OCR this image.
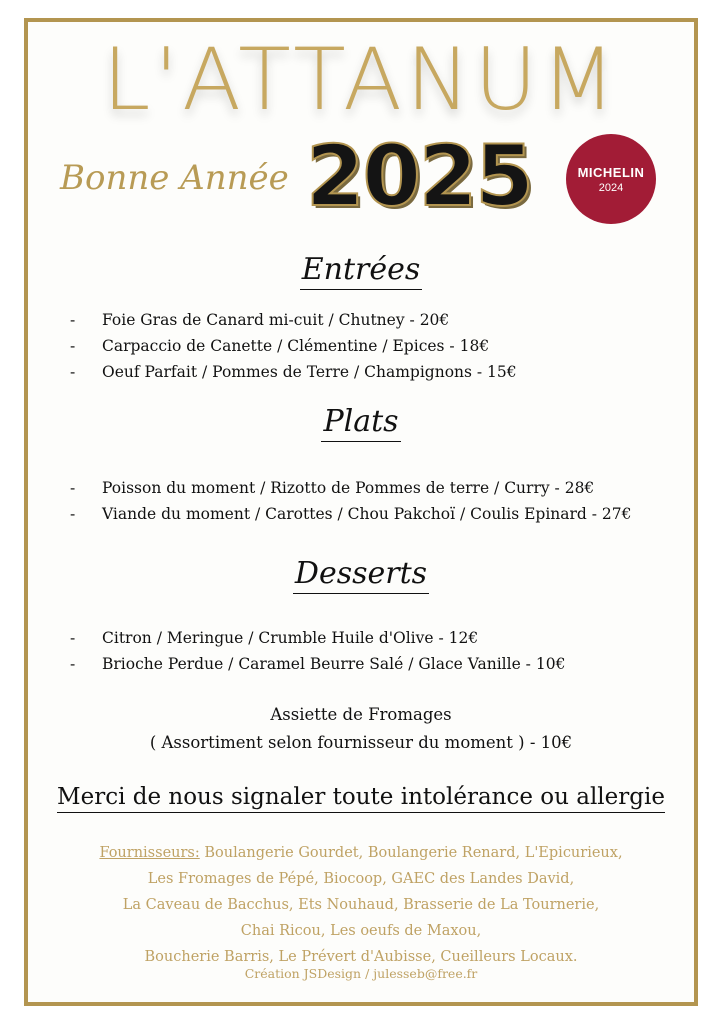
L'ATTANUM
Bonne Année 2025	MICHELIN
2024
Entrées
- Foie Gras de Canard mi-cuit / Chutney - 20€
- Carpaccio de Canette / Clémentine / Epices - 18€
- Oeuf Parfait / Pommes de Terre / Champignons - 15€
Plats
- Poisson du moment / Rizotto de Pommes de terre / Curry - 28€
- Viande du moment / Carottes / Chou Pakchoï / Coulis Epinard - 27€
Desserts
- Citron / Meringue / Crumble Huile d'Olive - 12€
- Brioche Perdue / Caramel Beurre Salé / Glace Vanille - 10€
Assiette de Fromages
( Assortiment selon fournisseur du moment ) - 10€
Merci de nous signaler toute intolérance ou allergie
Fournisseurs: Boulangerie Gourdet, Boulangerie Renard, L'Epicurieux,
Les Fromages de Pépé, Biocoop, GAEC des Landes David,
La Caveau de Bacchus, Ets Nouhaud, Brasserie de La Tournerie,
Chai Ricou, Les oeufs de Maxou,
Boucherie Barris, Le Prévert d'Aubisse, Cueilleurs Locaux.
Création JSDesign / julesseb@free.fr
